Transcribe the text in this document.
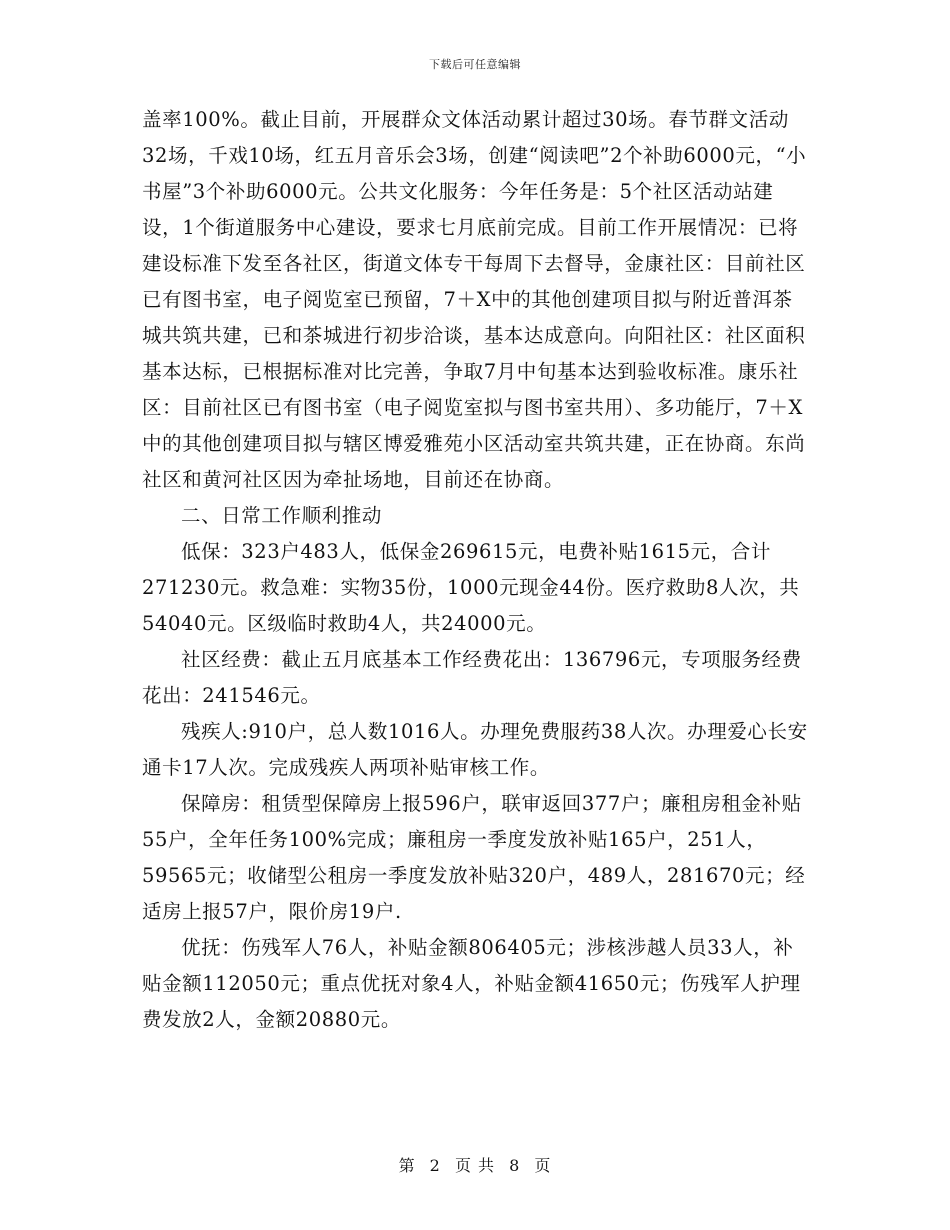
下载后可任意编辑

盖率100%。截止目前，开展群众文体活动累计超过30场。春节群文活动32场，千戏10场，红五月音乐会3场，创建“阅读吧”2个补助6000元，“小书屋”3个补助6000元。公共文化服务：今年任务是：5个社区活动站建设，1个街道服务中心建设，要求七月底前完成。目前工作开展情况：已将建设标准下发至各社区，街道文体专干每周下去督导，金康社区：目前社区已有图书室，电子阅览室已预留，7＋X中的其他创建项目拟与附近普洱茶城共筑共建，已和茶城进行初步洽谈，基本达成意向。向阳社区：社区面积基本达标，已根据标准对比完善，争取7月中旬基本达到验收标准。康乐社区：目前社区已有图书室（电子阅览室拟与图书室共用）、多功能厅，7＋X中的其他创建项目拟与辖区博爱雅苑小区活动室共筑共建，正在协商。东尚社区和黄河社区因为牵扯场地，目前还在协商。

二、日常工作顺利推动

低保：323户483人，低保金269615元，电费补贴1615元，合计271230元。救急难：实物35份，1000元现金44份。医疗救助8人次，共54040元。区级临时救助4人，共24000元。

社区经费：截止五月底基本工作经费花出：136796元，专项服务经费花出：241546元。

残疾人:910户，总人数1016人。办理免费服药38人次。办理爱心长安通卡17人次。完成残疾人两项补贴审核工作。

保障房：租赁型保障房上报596户，联审返回377户；廉租房租金补贴55户，全年任务100%完成；廉租房一季度发放补贴165户，251人，59565元；收储型公租房一季度发放补贴320户，489人，281670元；经适房上报57户，限价房19户.

优抚：伤残军人76人，补贴金额806405元；涉核涉越人员33人，补贴金额112050元；重点优抚对象4人，补贴金额41650元；伤残军人护理费发放2人，金额20880元。

第 2 页 共 8 页
